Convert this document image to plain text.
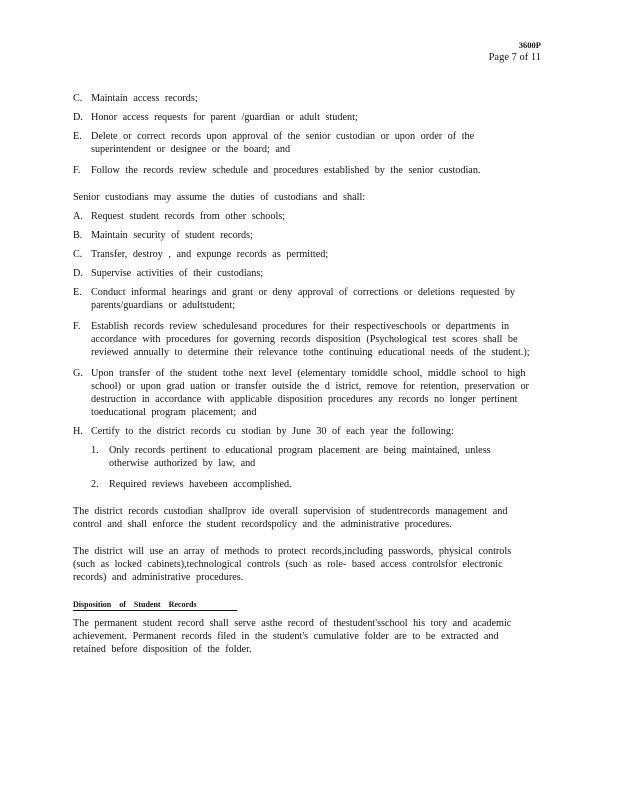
3600P
Page 7 of 11
C. Maintain access records;
D. Honor access requests for parent /guardian or adult student;
E. Delete or correct records upon approval of the senior custodian or upon order of the superintendent or designee or the board; and
F. Follow the records review schedule and procedures established by the senior custodian.
Senior custodians may assume the duties of custodians and shall:
A. Request student records from other schools;
B. Maintain security of student records;
C. Transfer, destroy , and expunge records as permitted;
D. Supervise activities of their custodians;
E. Conduct informal hearings and grant or deny approval of corrections or deletions requested by parents/guardians or adultstudent;
F. Establish records review schedulesand procedures for their respectiveschools or departments in accordance with procedures for governing records disposition (Psychological test scores shall be reviewed annually to determine their relevance tothe continuing educational needs of the student.);
G. Upon transfer of the student tothe next level (elementary tomiddle school, middle school to high school) or upon grad uation or transfer outside the d istrict, remove for retention, preservation or destruction in accordance with applicable disposition procedures any records no longer pertinent toeducational program placement; and
H. Certify to the district records cu stodian by June 30 of each year the following:
1. Only records pertinent to educational program placement are being maintained, unless otherwise authorized by law, and
2. Required reviews havebeen accomplished.
The district records custodian shallprov ide overall supervision of studentrecords management and control and shall enforce the student recordspolicy and the administrative procedures.
The district will use an array of methods to protect records,including passwords, physical controls (such as locked cabinets),technological controls (such as role- based access controlsfor electronic records) and administrative procedures.
Disposition of Student Records
The permanent student record shall serve asthe record of thestudent'sschool his tory and academic achievement. Permanent records filed in the student's cumulative folder are to be extracted and retained before disposition of the folder.
